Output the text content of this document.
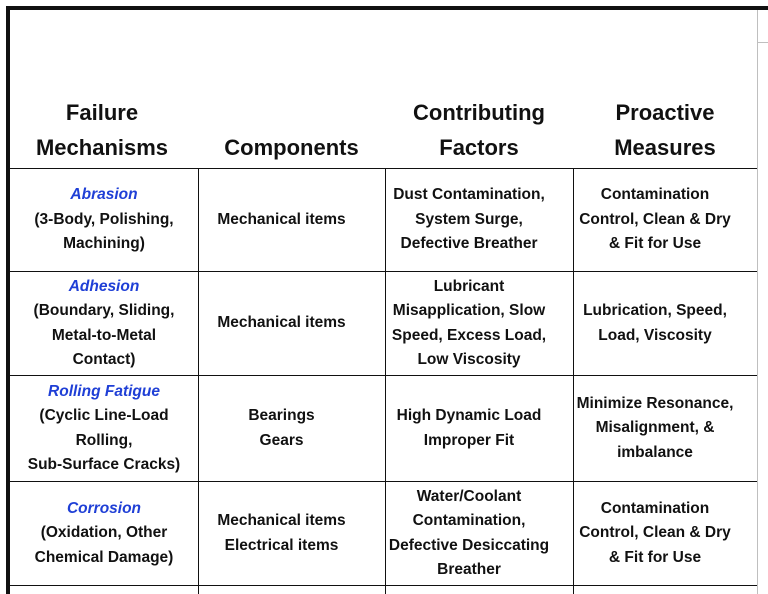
Failure
Mechanisms	Components
Contributing
Factors
Proactive
Measures
Abrasion
(3-Body, Polishing,
Machining)
Mechanical items
Dust Contamination,
System Surge,
Defective Breather
Contamination
Control, Clean & Dry
& Fit for Use
Adhesion
(Boundary, Sliding,
Metal-to-Metal
Contact)
Mechanical items
Lubricant
Misapplication, Slow
Speed, Excess Load,
Low Viscosity
Lubrication, Speed,
Load, Viscosity
Rolling Fatigue
(Cyclic Line-Load
Rolling,
Sub-Surface Cracks)
Bearings
Gears
High Dynamic Load
Improper Fit
Minimize Resonance,
Misalignment, &
imbalance
Corrosion
(Oxidation, Other
Chemical Damage)
Mechanical items
Electrical items
Water/Coolant
Contamination,
Defective Desiccating
Breather
Contamination
Control, Clean & Dry
& Fit for Use
